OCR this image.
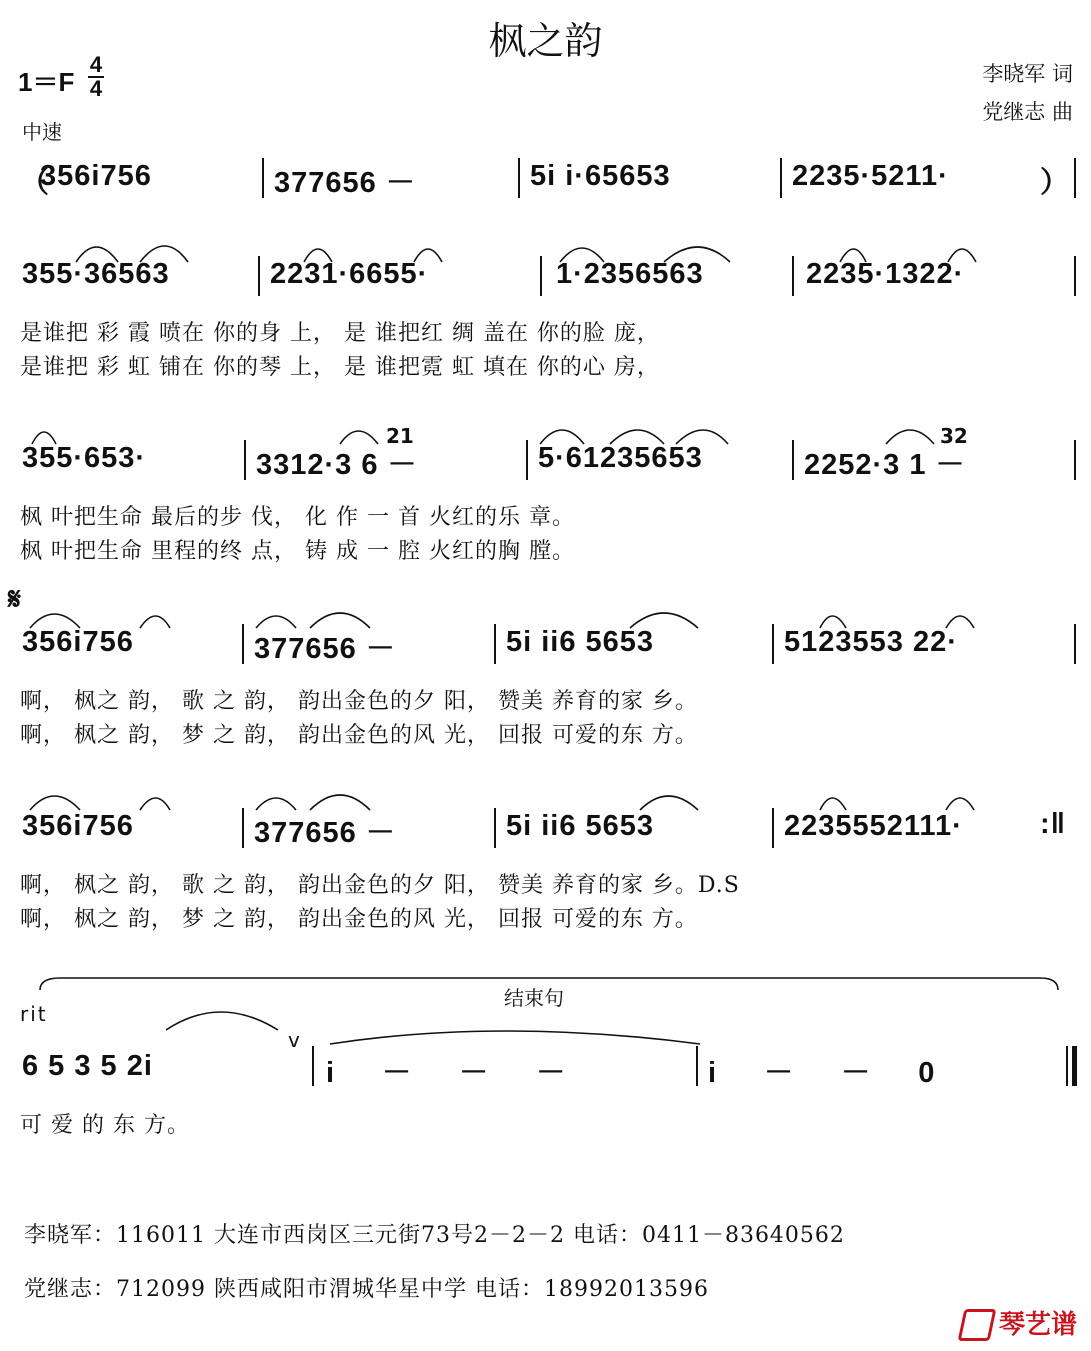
枫之韵
1＝F
4
4
中速
李晓军 词
党继志 曲
（
356i756	377656 －	5i i·65653	2235·5211·	）
355·36563	2231·6655·	1·2356563	2235·1322·
是谁把 彩 霞 喷在 你的身 上， 是 谁把红 绸 盖在 你的脸 庞，
是谁把 彩 虹 铺在 你的琴 上， 是 谁把霓 虹 填在 你的心 房，
355·653·	3312·3 6 －
21
5·61235653	2252·3 1 －
32
枫 叶把生命 最后的步 伐， 化 作 一 首 火红的乐 章。
枫 叶把生命 里程的终 点， 铸 成 一 腔 火红的胸 膛。
𝄋
356i756	377656 －	5i ii6 5653	5123553 22·
啊， 枫之 韵， 歌 之 韵， 韵出金色的夕 阳， 赞美 养育的家 乡。
啊， 枫之 韵， 梦 之 韵， 韵出金色的风 光， 回报 可爱的东 方。
356i756	377656 －	5i ii6 5653	2235552111·	:‖
啊， 枫之 韵， 歌 之 韵， 韵出金色的夕 阳， 赞美 养育的家 乡。D.S
啊， 枫之 韵， 梦 之 韵， 韵出金色的风 光， 回报 可爱的东 方。
结束句
rit
6 5 3 5 2i
v
i － － －	i － － 0
可 爱 的 东 方。
李晓军：116011 大连市西岗区三元街73号2－2－2 电话：0411－83640562
党继志：712099 陕西咸阳市渭城华星中学 电话：18992013596
琴艺谱
